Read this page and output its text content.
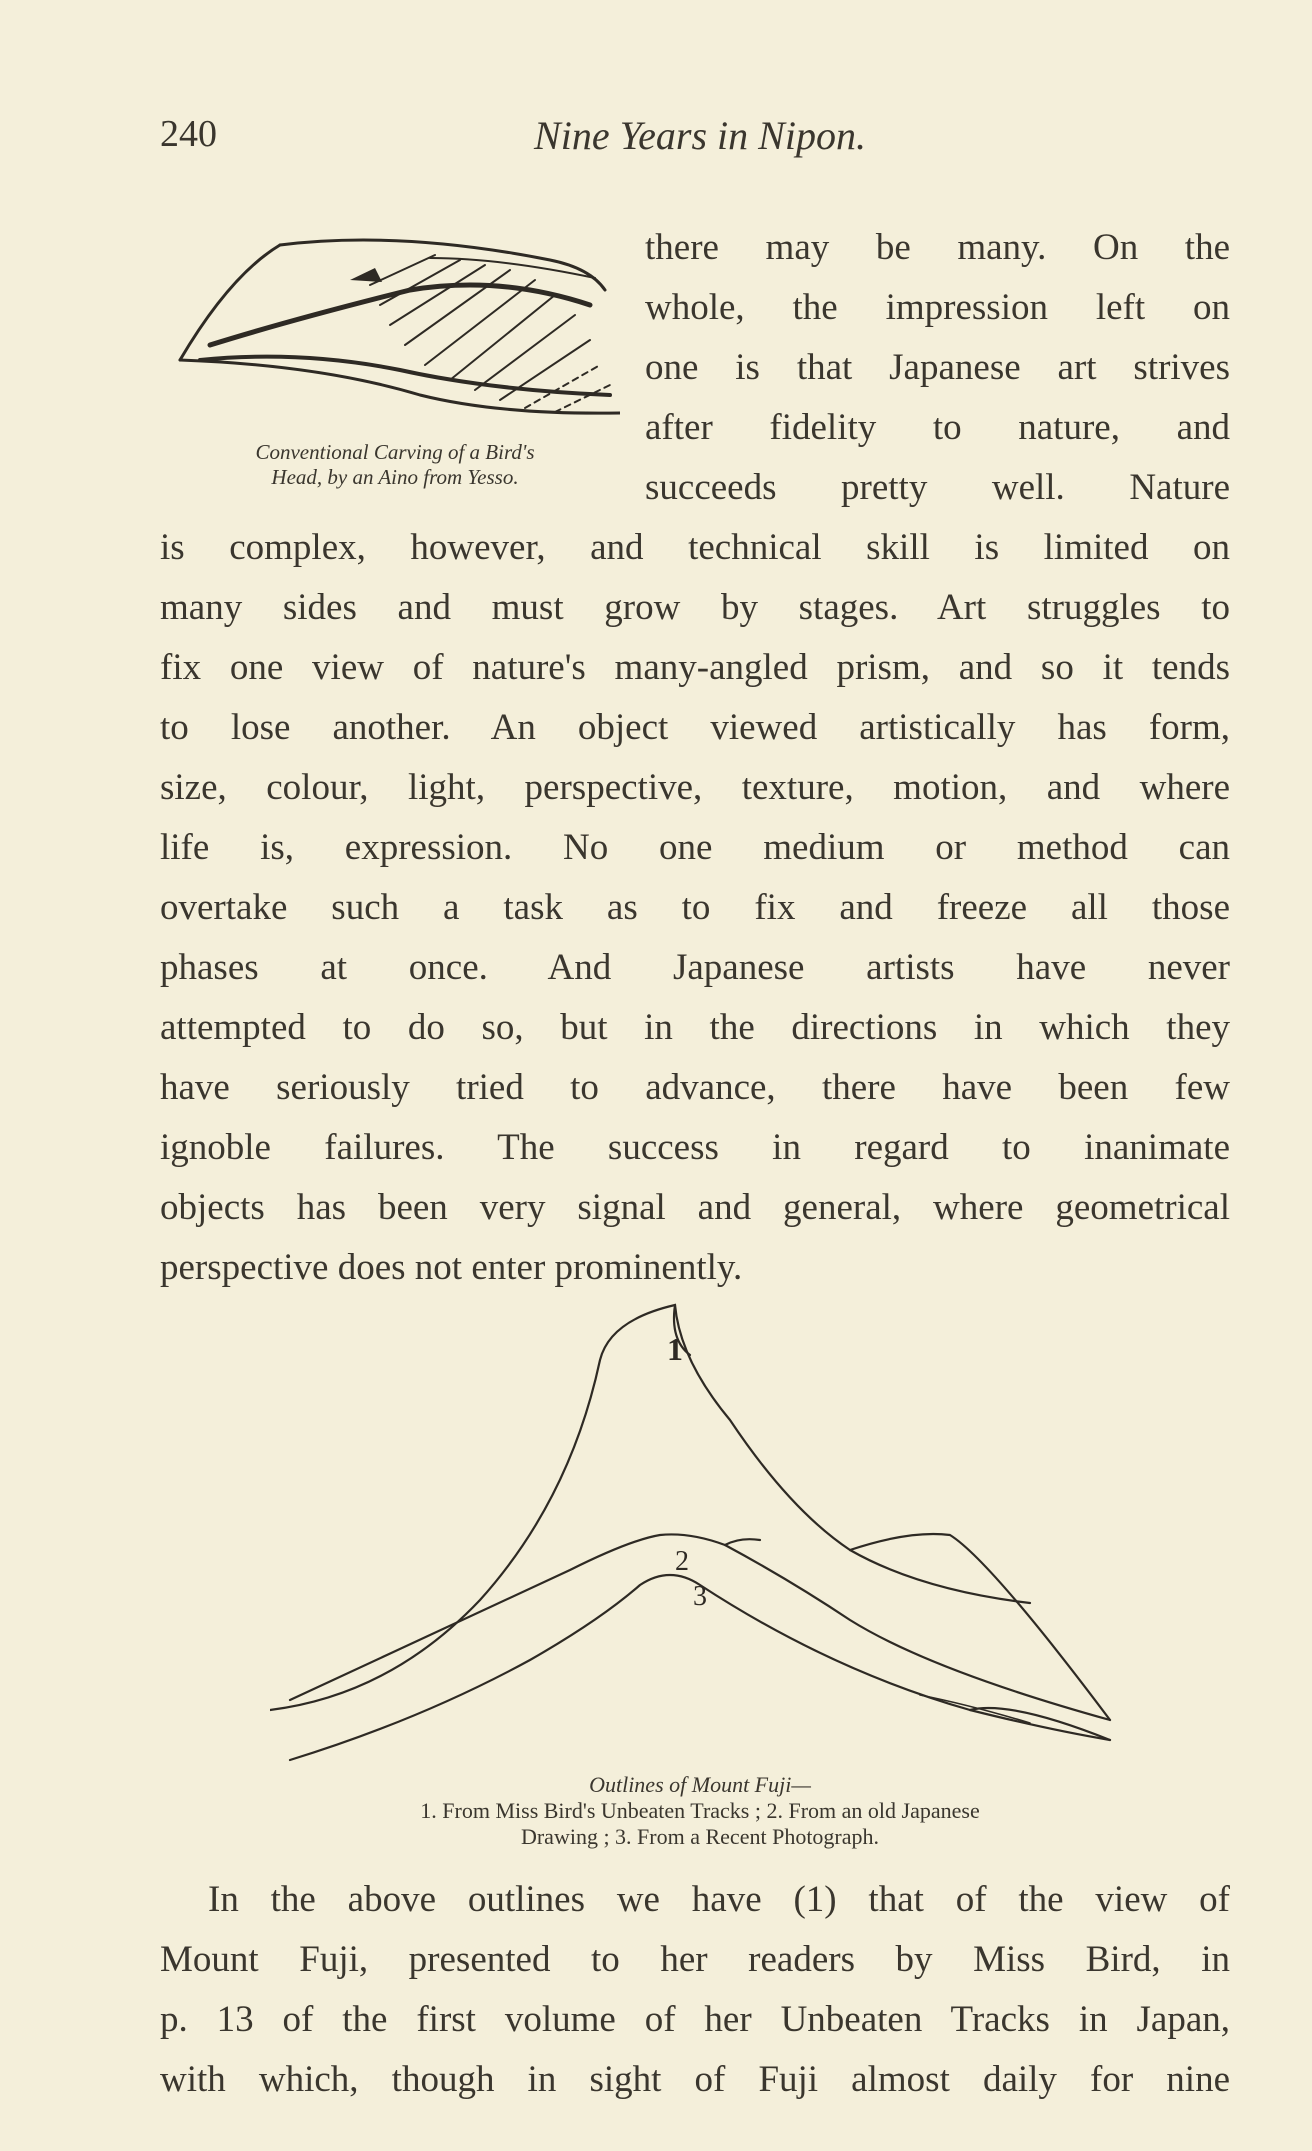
240	Nine Years in Nipon.
Conventional Carving of a Bird's
Head, by an Aino from Yesso.
there may be many. On the
whole, the impression left on
one is that Japanese art strives
after fidelity to nature, and
succeeds pretty well. Nature
is complex, however, and technical skill is limited on
many sides and must grow by stages. Art struggles to
fix one view of nature's many-angled prism, and so it tends
to lose another. An object viewed artistically has form,
size, colour, light, perspective, texture, motion, and where
life is, expression. No one medium or method can
overtake such a task as to fix and freeze all those
phases at once. And Japanese artists have never
attempted to do so, but in the directions in which they
have seriously tried to advance, there have been few
ignoble failures. The success in regard to inanimate
objects has been very signal and general, where geometrical
perspective does not enter prominently.
1
2
3
Outlines of Mount Fuji—
1. From Miss Bird's Unbeaten Tracks ; 2. From an old Japanese
Drawing ; 3. From a Recent Photograph.
In the above outlines we have (1) that of the view of
Mount Fuji, presented to her readers by Miss Bird, in
p. 13 of the first volume of her Unbeaten Tracks in Japan,
with which, though in sight of Fuji almost daily for nine
